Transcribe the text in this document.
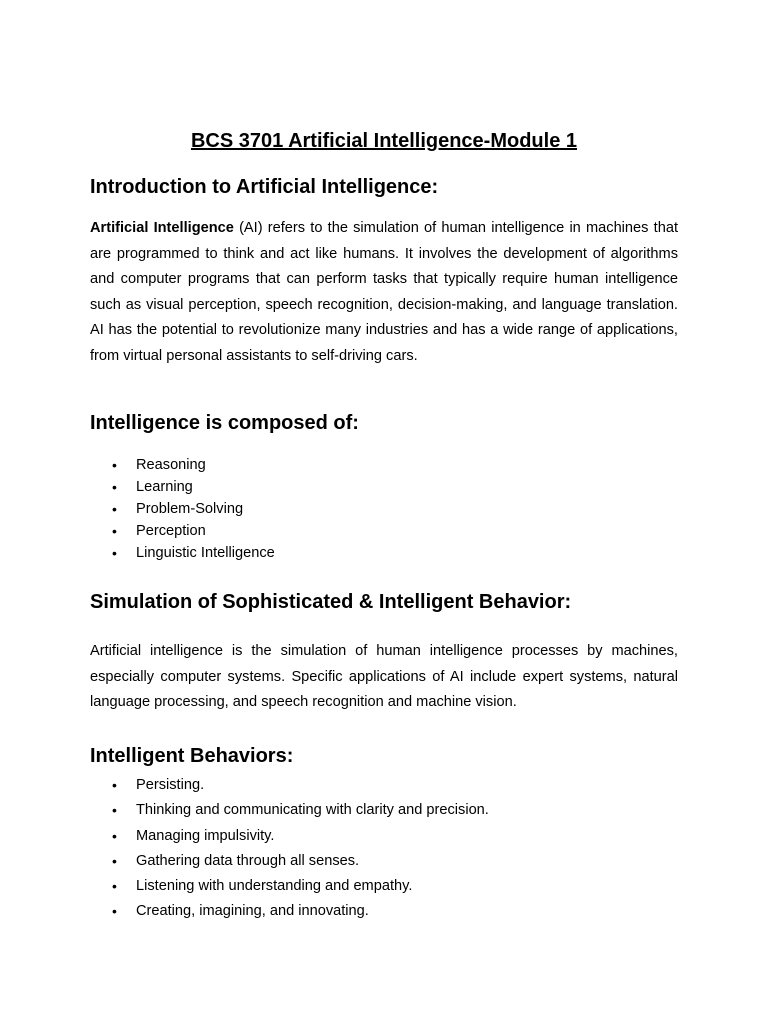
BCS 3701 Artificial Intelligence-Module 1
Introduction to Artificial Intelligence:

Artificial Intelligence (AI) refers to the simulation of human intelligence in machines that are programmed to think and act like humans. It involves the development of algorithms and computer programs that can perform tasks that typically require human intelligence such as visual perception, speech recognition, decision-making, and language translation. AI has the potential to revolutionize many industries and has a wide range of applications, from virtual personal assistants to self-driving cars.

Intelligence is composed of:
• Reasoning
• Learning
• Problem-Solving
• Perception
• Linguistic Intelligence
Simulation of Sophisticated & Intelligent Behavior:

Artificial intelligence is the simulation of human intelligence processes by machines, especially computer systems. Specific applications of AI include expert systems, natural language processing, and speech recognition and machine vision.

Intelligent Behaviors:
• Persisting.
• Thinking and communicating with clarity and precision.
• Managing impulsivity.
• Gathering data through all senses.
• Listening with understanding and empathy.
• Creating, imagining, and innovating.
